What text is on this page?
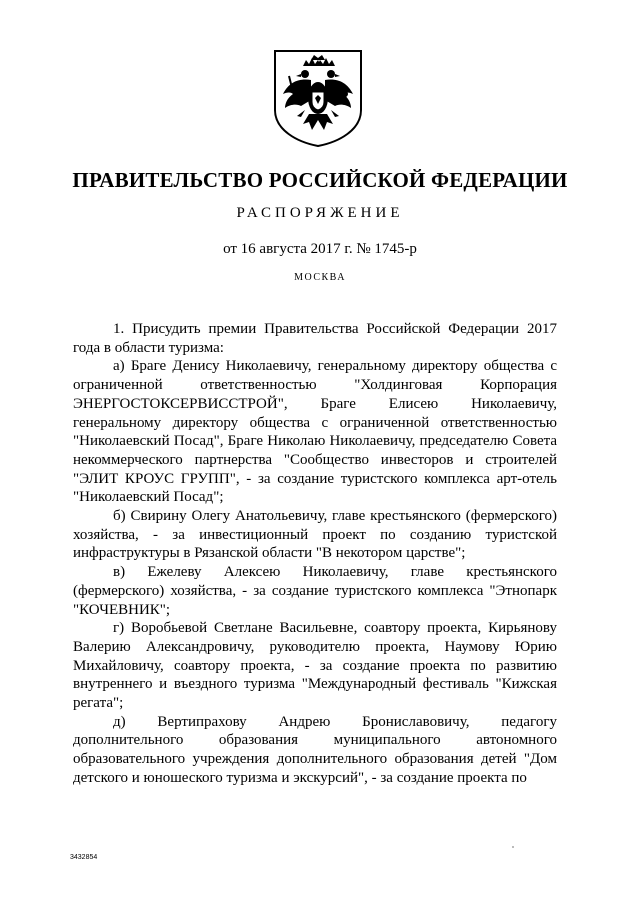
ПРАВИТЕЛЬСТВО РОССИЙСКОЙ ФЕДЕРАЦИИ
РАСПОРЯЖЕНИЕ
от 16 августа 2017 г. № 1745-р
МОСКВА

1. Присудить премии Правительства Российской Федерации 2017 года в области туризма:

а) Браге Денису Николаевичу, генеральному директору общества с ограниченной ответственностью "Холдинговая Корпорация ЭНЕРГОСТОКСЕРВИССТРОЙ", Браге Елисею Николаевичу, генеральному директору общества с ограниченной ответственностью "Николаевский Посад", Браге Николаю Николаевичу, председателю Совета некоммерческого партнерства "Сообщество инвесторов и строителей "ЭЛИТ КРОУС ГРУПП", - за создание туристского комплекса арт-отель "Николаевский Посад";

б) Свирину Олегу Анатольевичу, главе крестьянского (фермерского) хозяйства, - за инвестиционный проект по созданию туристской инфраструктуры в Рязанской области "В некотором царстве";

в) Ежелеву Алексею Николаевичу, главе крестьянского (фермерского) хозяйства, - за создание туристского комплекса "Этнопарк "КОЧЕВНИК";

г) Воробьевой Светлане Васильевне, соавтору проекта, Кирьянову Валерию Александровичу, руководителю проекта, Наумову Юрию Михайловичу, соавтору проекта, - за создание проекта по развитию внутреннего и въездного туризма "Международный фестиваль "Кижская регата";

д) Вертипрахову Андрею Брониславовичу, педагогу дополнительного образования муниципального автономного образовательного учреждения дополнительного образования детей "Дом детского и юношеского туризма и экскурсий", - за создание проекта по

3432854
